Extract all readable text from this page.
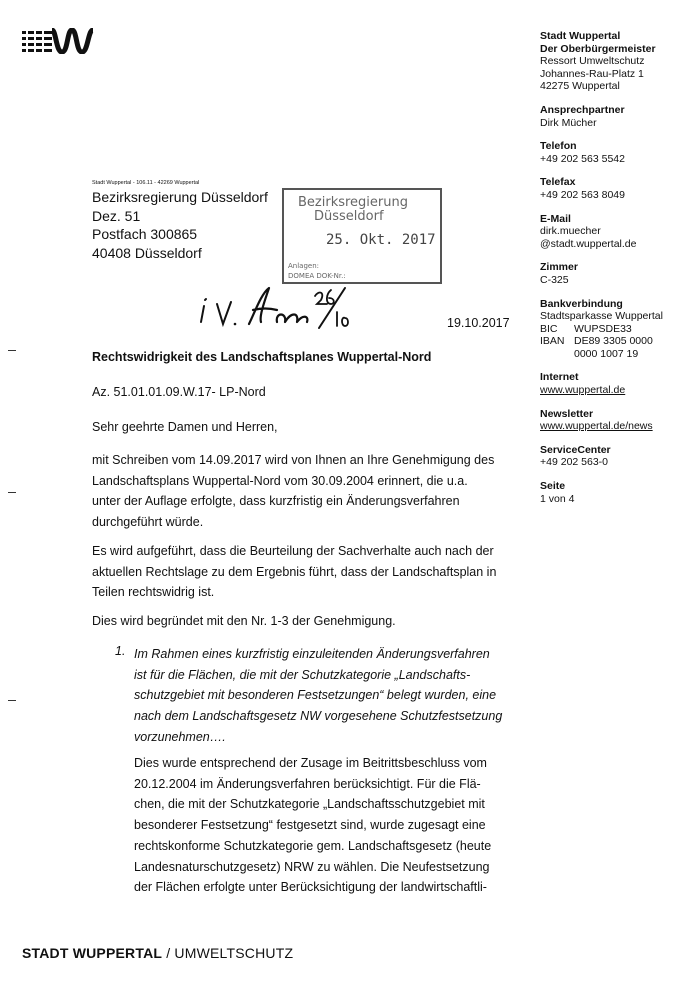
Stadt Wuppertal
Der Oberbürgermeister
Ressort Umweltschutz
Johannes-Rau-Platz 1
42275 Wuppertal
Ansprechpartner
Dirk Mücher
Telefon
+49 202 563 5542
Telefax
+49 202 563 8049
E-Mail
dirk.muecher
@stadt.wuppertal.de
Zimmer
C-325
Bankverbindung
Stadtsparkasse Wuppertal
BIC	WUPSDE33
IBAN DE89 3305 0000
0000 1007 19
Internet
www.wuppertal.de
Newsletter
www.wuppertal.de/news
ServiceCenter
+49 202 563-0
Seite
1 von 4
Stadt Wuppertal - 106.11 - 42269 Wuppertal
Bezirksregierung Düsseldorf
Dez. 51
Postfach 300865
40408 Düsseldorf
Bezirksregierung
Düsseldorf
25. Okt. 2017
Anlagen:
DOMEA DOK-Nr.:
19.10.2017
Rechtswidrigkeit des Landschaftsplanes Wuppertal-Nord
Az. 51.01.01.09.W.17- LP-Nord
Sehr geehrte Damen und Herren,
mit Schreiben vom 14.09.2017 wird von Ihnen an Ihre Genehmigung des
Landschaftsplans Wuppertal-Nord vom 30.09.2004 erinnert, die u.a.
unter der Auflage erfolgte, dass kurzfristig ein Änderungsverfahren
durchgeführt würde.
Es wird aufgeführt, dass die Beurteilung der Sachverhalte auch nach der
aktuellen Rechtslage zu dem Ergebnis führt, dass der Landschaftsplan in
Teilen rechtswidrig ist.
Dies wird begründet mit den Nr. 1-3 der Genehmigung.
1. Im Rahmen eines kurzfristig einzuleitenden Änderungsverfahren
ist für die Flächen, die mit der Schutzkategorie „Landschafts-
schutzgebiet mit besonderen Festsetzungen“ belegt wurden, eine
nach dem Landschaftsgesetz NW vorgesehene Schutzfestsetzung
vorzunehmen….
Dies wurde entsprechend der Zusage im Beitrittsbeschluss vom
20.12.2004 im Änderungsverfahren berücksichtigt. Für die Flä-
chen, die mit der Schutzkategorie „Landschaftsschutzgebiet mit
besonderer Festsetzung“ festgesetzt sind, wurde zugesagt eine
rechtskonforme Schutzkategorie gem. Landschaftsgesetz (heute
Landesnaturschutzgesetz) NRW zu wählen. Die Neufestsetzung
der Flächen erfolgte unter Berücksichtigung der landwirtschaftli-
STADT WUPPERTAL / UMWELTSCHUTZ
